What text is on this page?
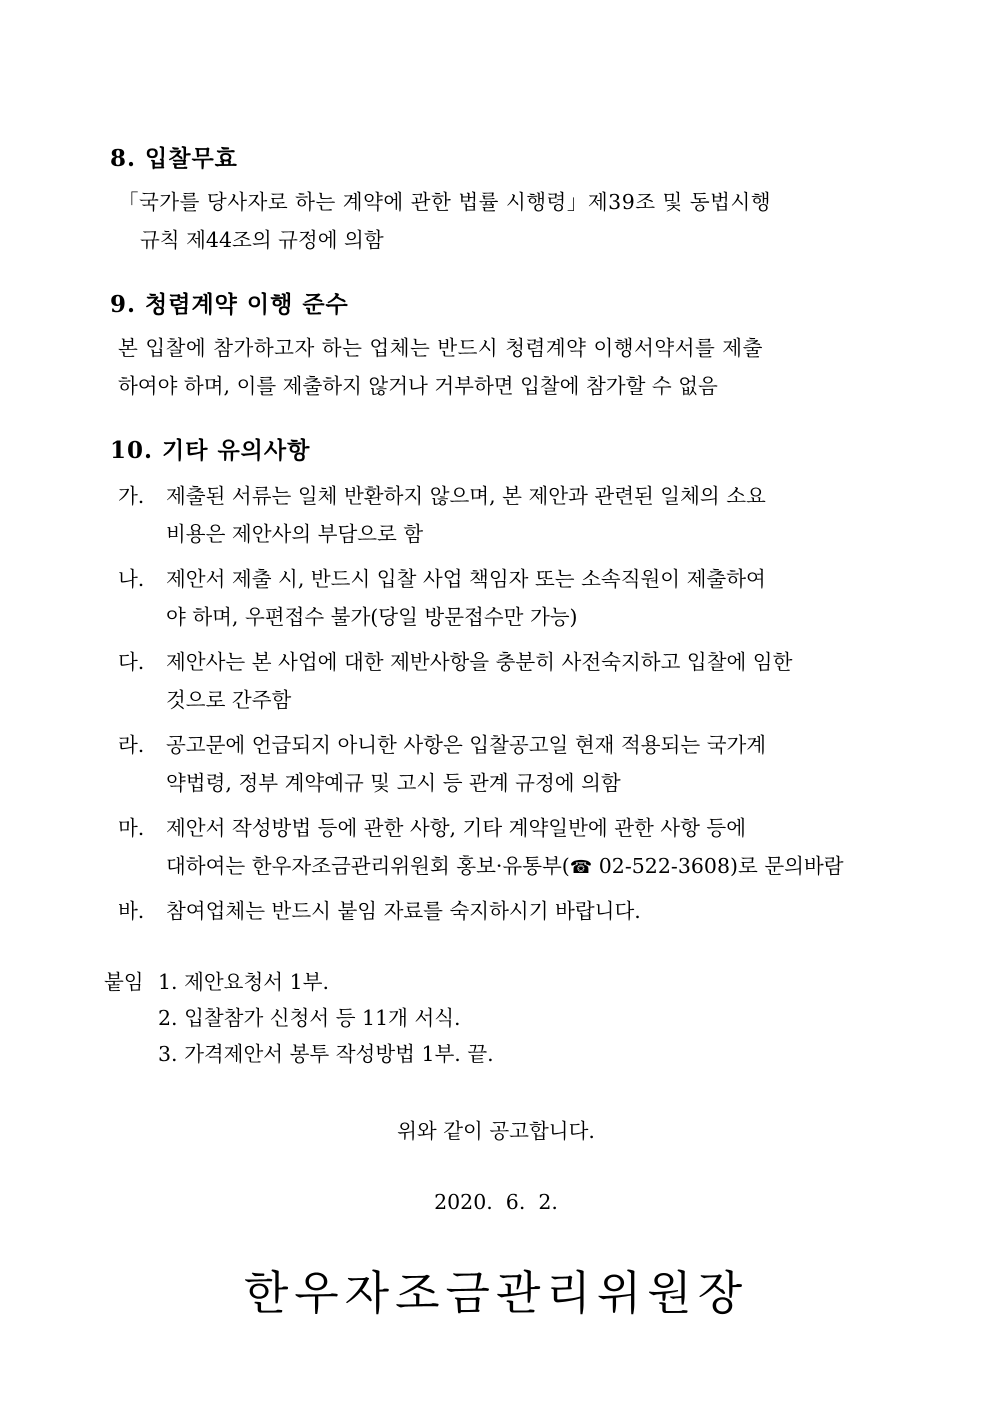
8. 입찰무효
「국가를 당사자로 하는 계약에 관한 법률 시행령」제39조 및 동법시행
규칙 제44조의 규정에 의함
9. 청렴계약 이행 준수
본 입찰에 참가하고자 하는 업체는 반드시 청렴계약 이행서약서를 제출
하여야 하며, 이를 제출하지 않거나 거부하면 입찰에 참가할 수 없음
10. 기타 유의사항
가.	제출된 서류는 일체 반환하지 않으며, 본 제안과 관련된 일체의 소요
비용은 제안사의 부담으로 함
나.	제안서 제출 시, 반드시 입찰 사업 책임자 또는 소속직원이 제출하여
야 하며, 우편접수 불가(당일 방문접수만 가능)
다.	제안사는 본 사업에 대한 제반사항을 충분히 사전숙지하고 입찰에 임한
것으로 간주함
라.	공고문에 언급되지 아니한 사항은 입찰공고일 현재 적용되는 국가계
약법령, 정부 계약예규 및 고시 등 관계 규정에 의함
마.	제안서 작성방법 등에 관한 사항, 기타 계약일반에 관한 사항 등에
대하여는 한우자조금관리위원회 홍보·유통부(☎ 02-522-3608)로 문의바람
바.	참여업체는 반드시 붙임 자료를 숙지하시기 바랍니다.
붙임 1. 제안요청서 1부.
2. 입찰참가 신청서 등 11개 서식.
3. 가격제안서 봉투 작성방법 1부. 끝.
위와 같이 공고합니다.
2020.  6.  2.
한우자조금관리위원장
